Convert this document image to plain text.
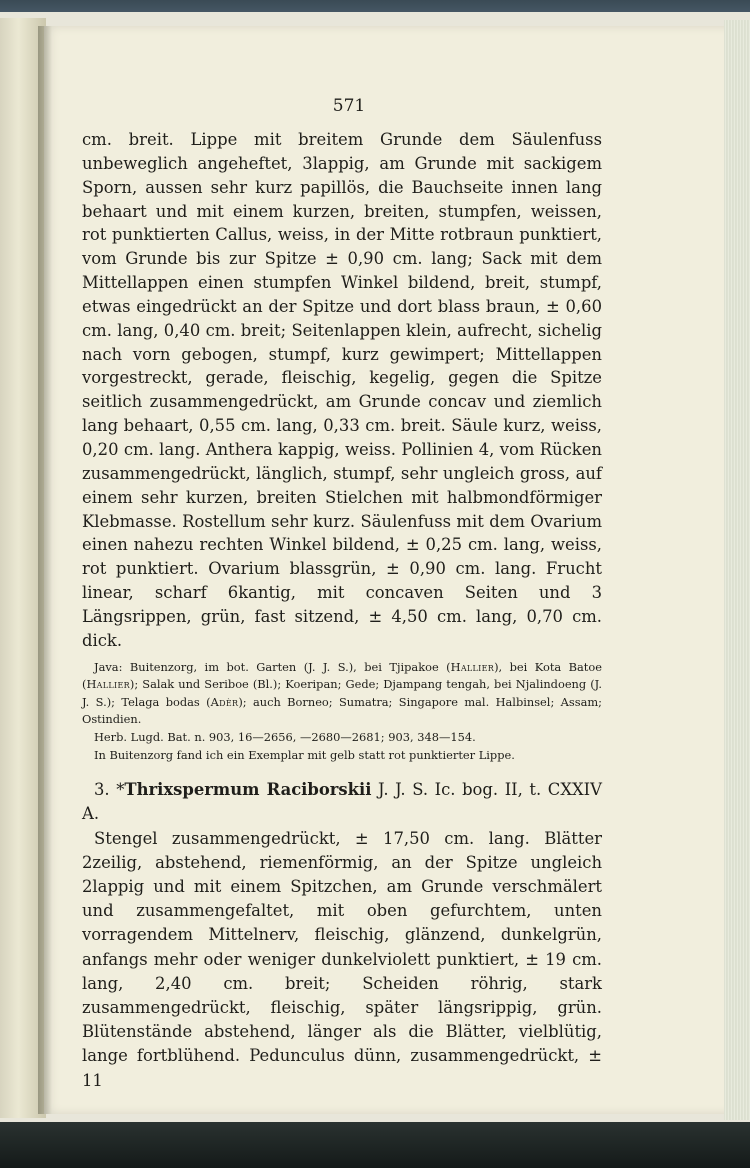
571

cm. breit. Lippe mit breitem Grunde dem Säulenfuss unbeweglich angeheftet, 3lappig, am Grunde mit sackigem Sporn, aussen sehr kurz papillös, die Bauchseite innen lang behaart und mit einem kurzen, breiten, stumpfen, weissen, rot punktierten Callus, weiss, in der Mitte rotbraun punktiert, vom Grunde bis zur Spitze ± 0,90 cm. lang; Sack mit dem Mittellappen einen stumpfen Winkel bildend, breit, stumpf, etwas eingedrückt an der Spitze und dort blass braun, ± 0,60 cm. lang, 0,40 cm. breit; Seitenlappen klein, aufrecht, sichelig nach vorn gebogen, stumpf, kurz gewimpert; Mittellappen vorgestreckt, gerade, fleischig, kegelig, gegen die Spitze seitlich zusammengedrückt, am Grunde concav und ziemlich lang behaart, 0,55 cm. lang, 0,33 cm. breit. Säule kurz, weiss, 0,20 cm. lang. Anthera kappig, weiss. Pollinien 4, vom Rücken zusammengedrückt, länglich, stumpf, sehr ungleich gross, auf einem sehr kurzen, breiten Stielchen mit halbmondförmiger Klebmasse. Rostellum sehr kurz. Säulenfuss mit dem Ovarium einen nahezu rechten Winkel bildend, ± 0,25 cm. lang, weiss, rot punktiert. Ovarium blassgrün, ± 0,90 cm. lang. Frucht linear, scharf 6kantig, mit concaven Seiten und 3 Längsrippen, grün, fast sitzend, ± 4,50 cm. lang, 0,70 cm. dick.

Java: Buitenzorg, im bot. Garten (J. J. S.), bei Tjipakoe (Hallier), bei Kota Batoe (Hallier); Salak und Seriboe (Bl.); Koeripan; Gede; Djampang tengah, bei Njalindoeng (J. J. S.); Telaga bodas (Adèr); auch Borneo; Sumatra; Singapore mal. Halbinsel; Assam; Ostindien.

Herb. Lugd. Bat. n. 903, 16—2656, —2680—2681; 903, 348—154.

In Buitenzorg fand ich ein Exemplar mit gelb statt rot punktierter Lippe.

3. *Thrixspermum Raciborskii J. J. S. Ic. bog. II, t. CXXIV A.

Stengel zusammengedrückt, ± 17,50 cm. lang. Blätter 2zeilig, abstehend, riemenförmig, an der Spitze ungleich 2lappig und mit einem Spitzchen, am Grunde verschmälert und zusammengefaltet, mit oben gefurchtem, unten vorragendem Mittelnerv, fleischig, glänzend, dunkelgrün, anfangs mehr oder weniger dunkelviolett punktiert, ± 19 cm. lang, 2,40 cm. breit; Scheiden röhrig, stark zusammengedrückt, fleischig, später längsrippig, grün. Blütenstände abstehend, länger als die Blätter, vielblütig, lange fortblühend. Pedunculus dünn, zusammengedrückt, ± 11
